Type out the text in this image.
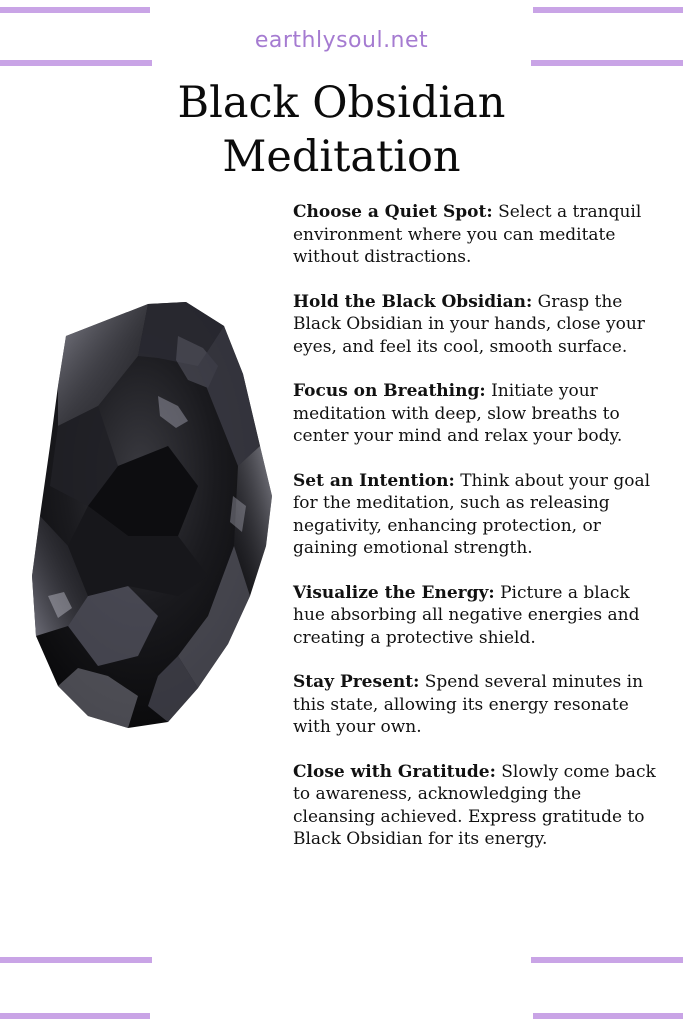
earthlysoul.net
Black Obsidian
Meditation

Choose a Quiet Spot: Select a tranquil environment where you can meditate without distractions.

Hold the Black Obsidian: Grasp the Black Obsidian in your hands, close your eyes, and feel its cool, smooth surface.

Focus on Breathing: Initiate your meditation with deep, slow breaths to center your mind and relax your body.

Set an Intention: Think about your goal for the meditation, such as releasing negativity, enhancing protection, or gaining emotional strength.

Visualize the Energy: Picture a black hue absorbing all negative energies and creating a protective shield.

Stay Present: Spend several minutes in this state, allowing its energy resonate with your own.

Close with Gratitude: Slowly come back to awareness, acknowledging the cleansing achieved. Express gratitude to Black Obsidian for its energy.
